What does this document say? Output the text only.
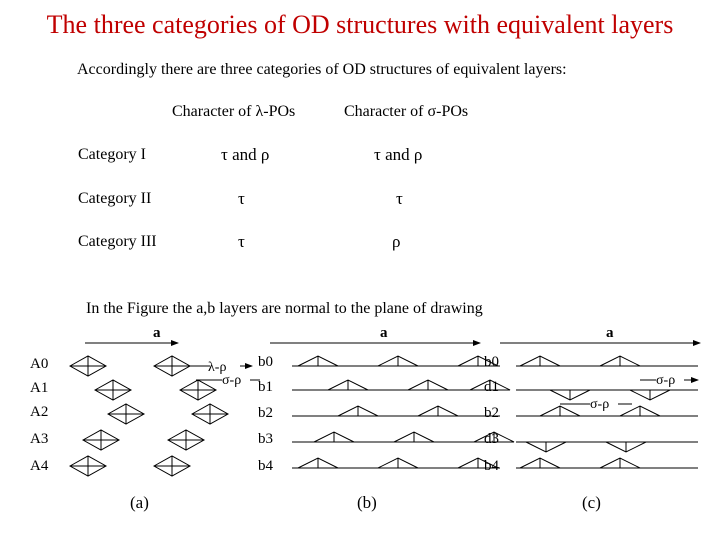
The three categories of OD structures with equivalent layers
Accordingly there are three categories of OD structures of equivalent layers:
Character of λ-POs	Character of σ-POs
Category I	τ and ρ	τ and ρ
Category II	τ	τ
Category III	τ	ρ
In the Figure the a,b layers are normal to the plane of drawing
a
A0
A1
A2
A3
A4
λ-ρ
σ-ρ
(a)
a
b0
b1
b2
b3
b4
(b)
a
b0
d1
b2
d3
b4
σ-ρ
σ-ρ
(c)
